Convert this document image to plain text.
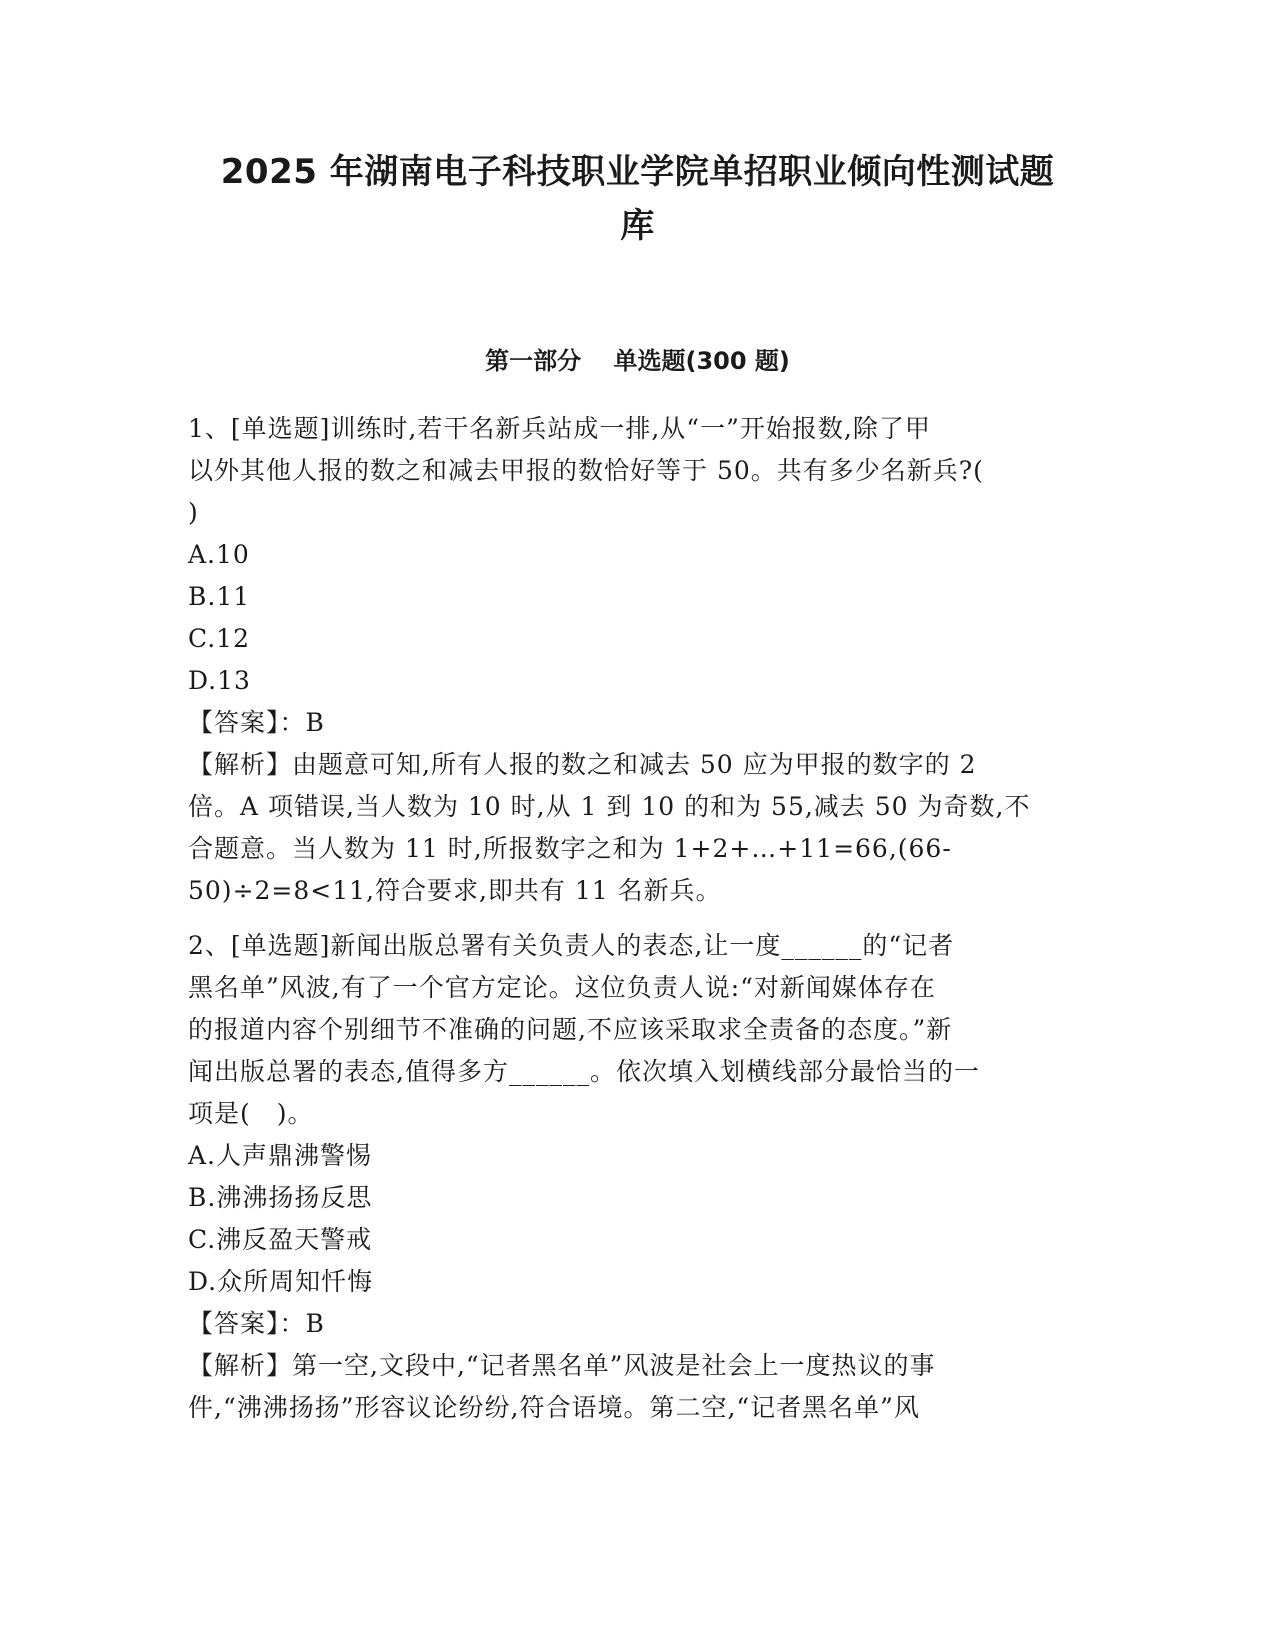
2025 年湖南电子科技职业学院单招职业倾向性测试题
库
第一部分　 单选题(300 题)
1、[单选题]训练时,若干名新兵站成一排,从“一”开始报数,除了甲
以外其他人报的数之和减去甲报的数恰好等于 50。共有多少名新兵?(
)
A.10
B.11
C.12
D.13
【答案】：B
【解析】由题意可知,所有人报的数之和减去 50 应为甲报的数字的 2
倍。A 项错误,当人数为 10 时,从 1 到 10 的和为 55,减去 50 为奇数,不
合题意。当人数为 11 时,所报数字之和为 1+2+…+11=66,(66-
50)÷2=8<11,符合要求,即共有 11 名新兵。
2、[单选题]新闻出版总署有关负责人的表态,让一度______的“记者
黑名单”风波,有了一个官方定论。这位负责人说:“对新闻媒体存在
的报道内容个别细节不准确的问题,不应该采取求全责备的态度。”新
闻出版总署的表态,值得多方______。依次填入划横线部分最恰当的一
项是(　)。
A.人声鼎沸警惕
B.沸沸扬扬反思
C.沸反盈天警戒
D.众所周知忏悔
【答案】：B
【解析】第一空,文段中,“记者黑名单”风波是社会上一度热议的事
件,“沸沸扬扬”形容议论纷纷,符合语境。第二空,“记者黑名单”风
